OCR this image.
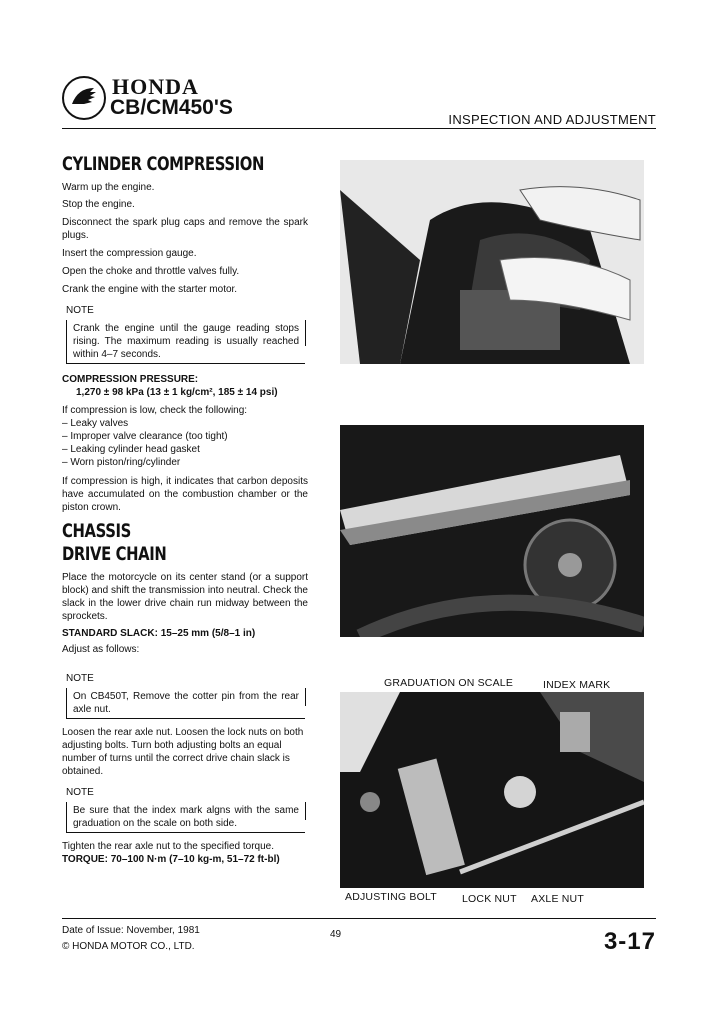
HONDA
CB/CM450'S
INSPECTION AND ADJUSTMENT
CYLINDER COMPRESSION
Warm up the engine.
Stop the engine.
Disconnect the spark plug caps and remove the spark plugs.
Insert the compression gauge.
Open the choke and throttle valves fully.
Crank the engine with the starter motor.
NOTE
Crank the engine until the gauge reading stops rising. The maximum reading is usually reached within 4–7 seconds.
COMPRESSION PRESSURE:
1,270 ± 98 kPa (13 ± 1 kg/cm², 185 ± 14 psi)
If compression is low, check the following:
– Leaky valves
– Improper valve clearance (too tight)
– Leaking cylinder head gasket
– Worn piston/ring/cylinder
If compression is high, it indicates that carbon deposits have accumulated on the combustion chamber or the piston crown.
CHASSIS
DRIVE CHAIN
Place the motorcycle on its center stand (or a support block) and shift the transmission into neutral. Check the slack in the lower drive chain run midway between the sprockets.
STANDARD SLACK: 15–25 mm (5/8–1 in)
Adjust as follows:
NOTE
On CB450T, Remove the cotter pin from the rear axle nut.
Loosen the rear axle nut. Loosen the lock nuts on both adjusting bolts. Turn both adjusting bolts an equal number of turns until the correct drive chain slack is obtained.
NOTE
Be sure that the index mark algns with the same graduation on the scale on both side.
Tighten the rear axle nut to the specified torque.
TORQUE: 70–100 N·m (7–10 kg-m, 51–72 ft-bl)
GRADUATION ON SCALE	INDEX MARK
ADJUSTING BOLT LOCK NUT AXLE NUT
Date of Issue: November, 1981
© HONDA MOTOR CO., LTD.
49	3-17
